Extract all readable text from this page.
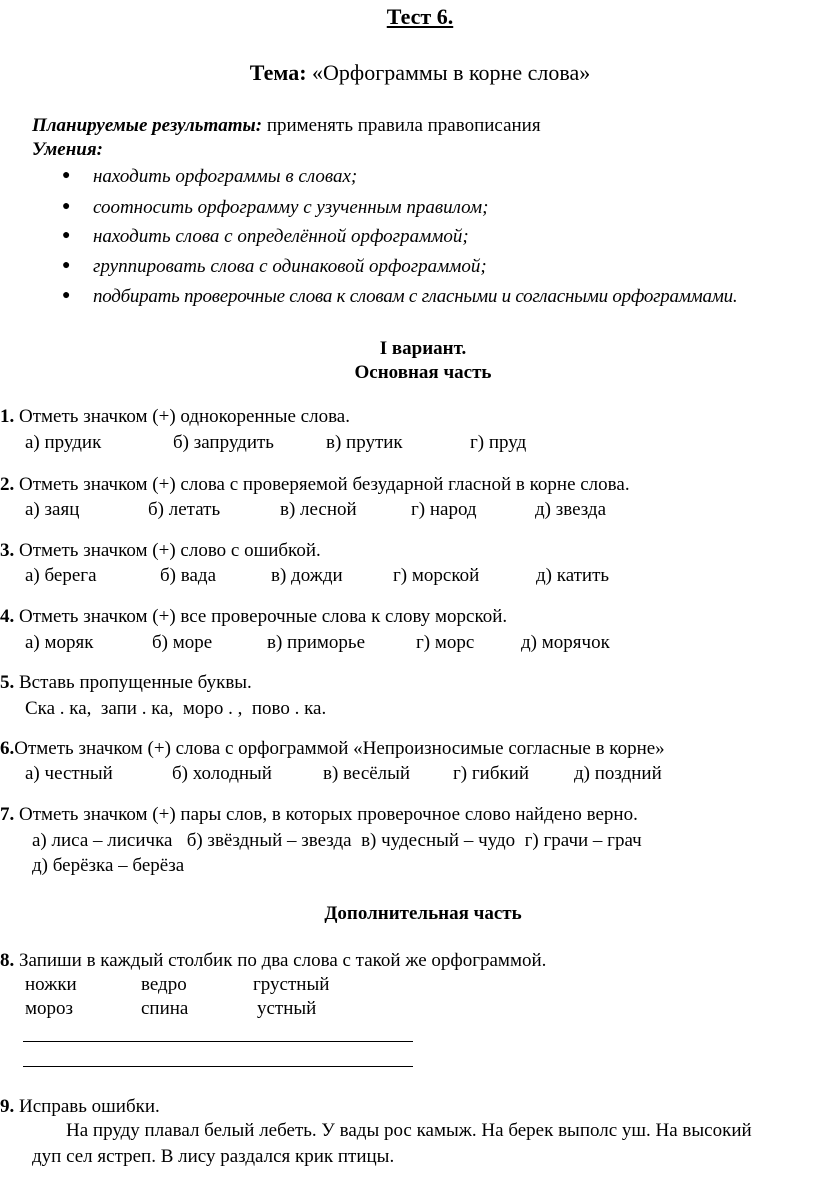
Тест 6.
Тема: «Орфограммы в корне слова»
Планируемые результаты: применять правила правописания
Умения:
● находить орфограммы в словах;
● соотносить орфограмму с узученным правилом;
● находить слова с определённой орфограммой;
● группировать слова с одинаковой орфограммой;
● подбирать проверочные слова к словам с гласными и согласными орфограммами.
I вариант.
Основная часть
1. Отметь значком (+) однокоренные слова.
а) прудик	б) запрудить	в) прутик	г) пруд
2. Отметь значком (+) слова с проверяемой безударной гласной в корне слова.
а) заяц	б) летать	в) лесной	г) народ	д) звезда
3. Отметь значком (+) слово с ошибкой.
а) берега	б) вада	в) дожди	г) морской	д) катить
4. Отметь значком (+) все проверочные слова к слову морской.
а) моряк	б) море	в) приморье	г) морс д) морячок
5. Вставь пропущенные буквы.
Ска . ка,  запи . ка,  моро . ,  пово . ка.
6.Отметь значком (+) слова с орфограммой «Непроизносимые согласные в корне»
а) честный	б) холодный	в) весёлый г) гибкий д) поздний
7. Отметь значком (+) пары слов, в которых проверочное слово найдено верно.
а) лиса – лисичка   б) звёздный – звезда  в) чудесный – чудо  г) грачи – грач
д) берёзка – берёза
Дополнительная часть
8. Запиши в каждый столбик по два слова с такой же орфограммой.
ножки	ведро	грустный
мороз	спина	устный
9. Исправь ошибки.
На пруду плавал белый лебеть. У вады рос камыж. На берек выполс уш. На высокий дуп сел ястреп. В лису раздался крик птицы.
